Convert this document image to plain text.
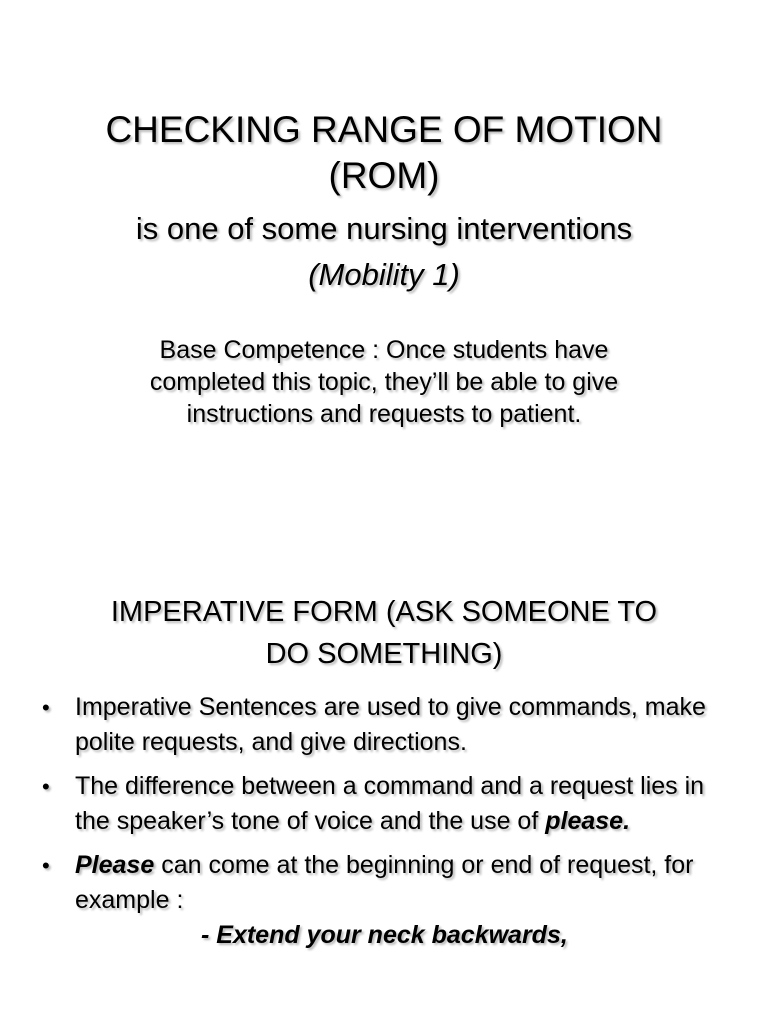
CHECKING RANGE OF MOTION
(ROM)
is one of some nursing interventions
(Mobility 1)

Base Competence : Once students have completed this topic, they’ll be able to give instructions and requests to patient.

IMPERATIVE FORM (ASK SOMEONE TO
DO SOMETHING)
• Imperative Sentences are used to give commands, make polite requests, and give directions.
• The difference between a command and a request lies in the speaker’s tone of voice and the use of please.
• Please can come at the beginning or end of request, for example :
- Extend your neck backwards,
